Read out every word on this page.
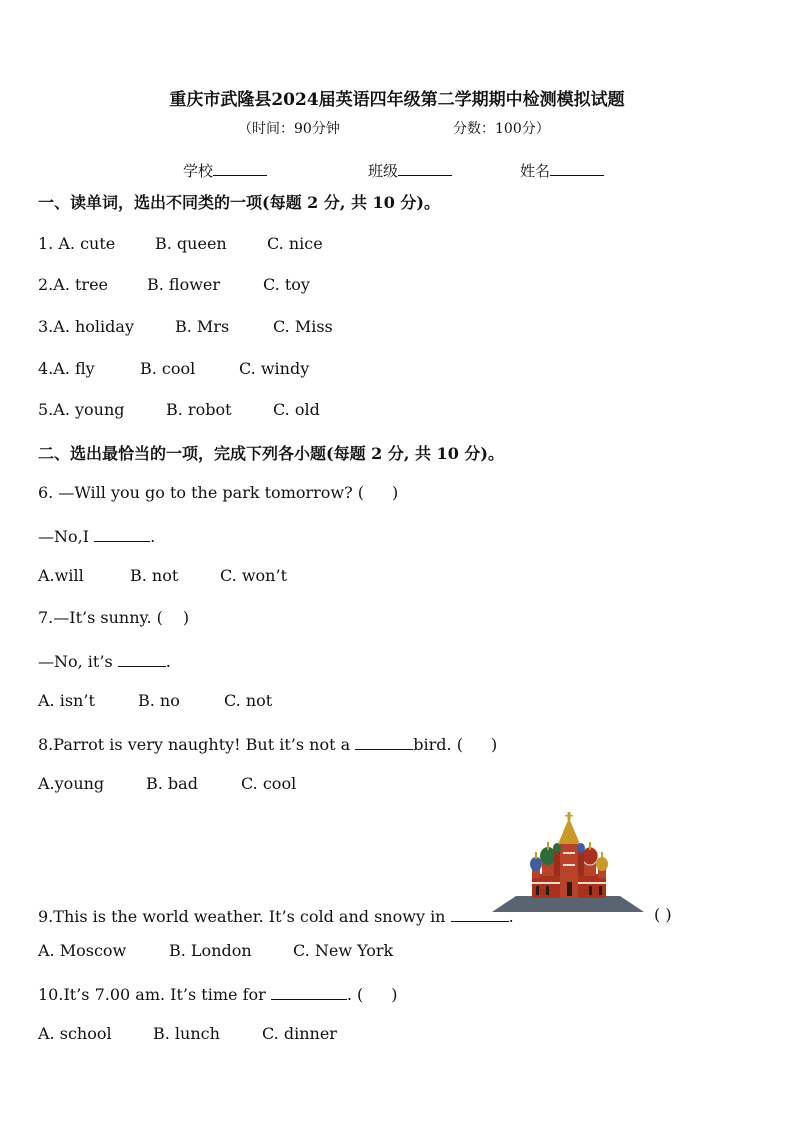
重庆市武隆县2024届英语四年级第二学期期中检测模拟试题
（时间：90分钟	分数：100分）
学校	班级	姓名
一、读单词，选出不同类的一项(每题 2 分, 共 10 分)。
1. A. cute B. queen	C. nice
2.A. tree B. flower	C. toy
3.A. holiday	B. Mrs	C. Miss
4.A. fly	B. cool	C. windy
5.A. young	B. robot	C. old
二、选出最恰当的一项，完成下列各小题(每题 2 分, 共 10 分)。
6. —Will you go to the park tomorrow? ( )
—No,I	.
A.will	B. not	C. won’t
7.—It’s sunny. ( )
—No, it’s	.
A. isn’t	B. no	C. not
8.Parrot is very naughty! But it’s not a	bird. ( )
A.young	B. bad	C. cool
9.This is the world weather. It’s cold and snowy in	.	( )
A. Moscow	B. London	C. New York
10.It’s 7.00 am. It’s time for	. ( )
A. school	B. lunch	C. dinner
